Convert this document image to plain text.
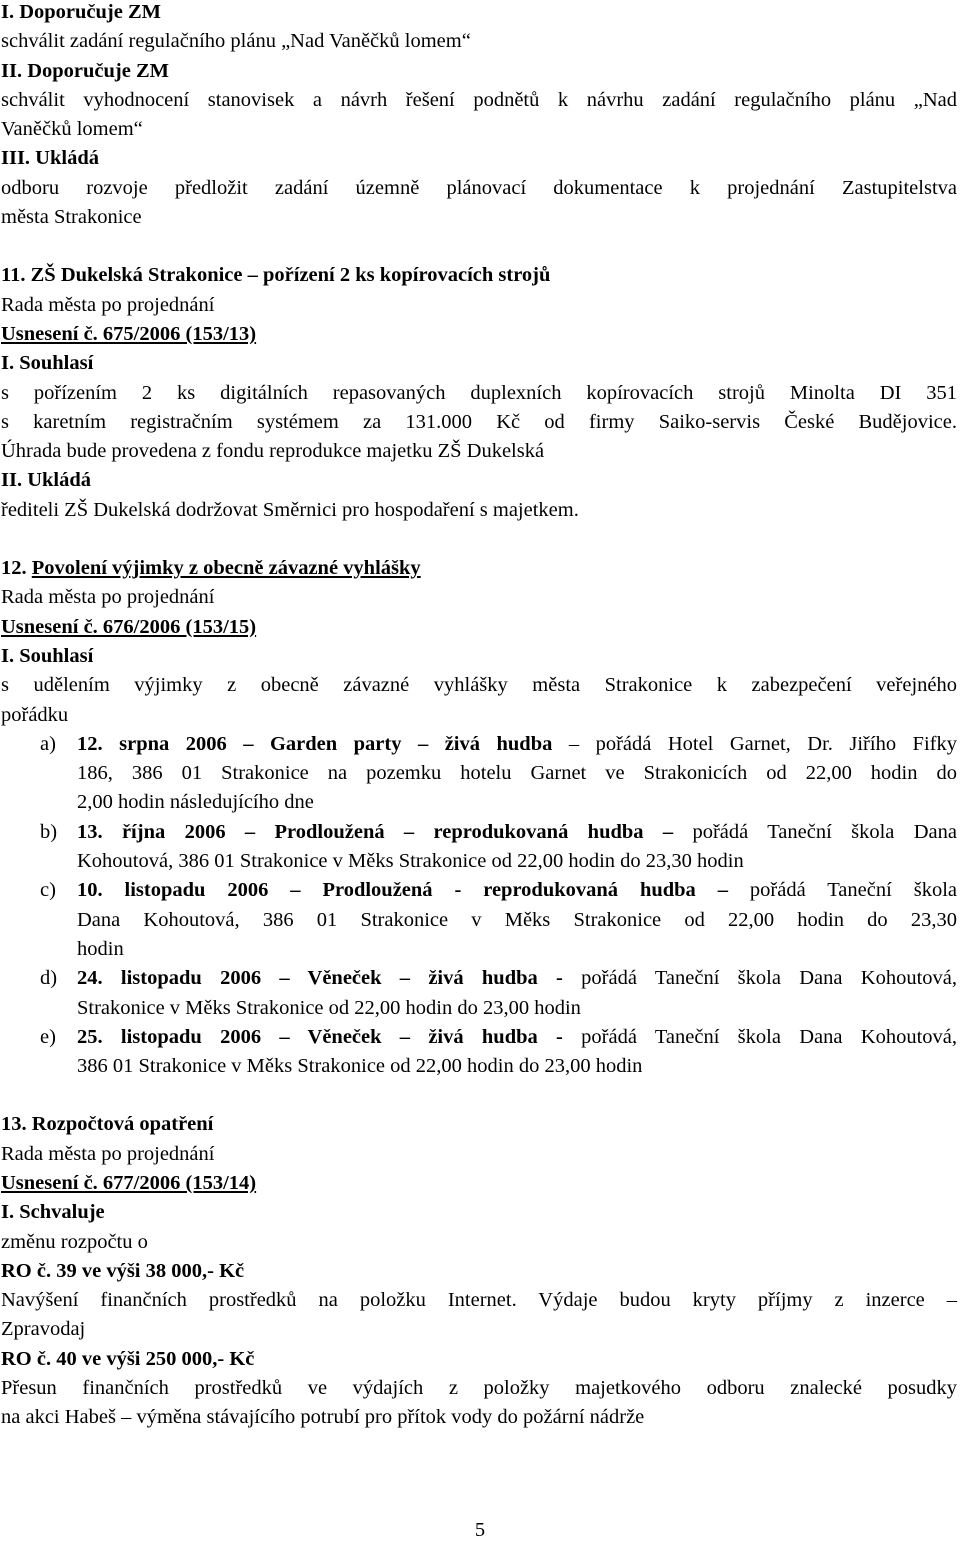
I. Doporučuje ZM
schválit zadání regulačního plánu „Nad Vaněčků lomem“
II. Doporučuje ZM
schválit vyhodnocení stanovisek a návrh řešení podnětů k návrhu zadání regulačního plánu „Nad
Vaněčků lomem“
III. Ukládá
odboru rozvoje předložit zadání územně plánovací dokumentace k projednání Zastupitelstva
města Strakonice
11. ZŠ Dukelská Strakonice – pořízení 2 ks kopírovacích strojů
Rada města po projednání
Usnesení č. 675/2006 (153/13)
I. Souhlasí
s pořízením 2 ks digitálních repasovaných duplexních kopírovacích strojů Minolta DI 351
s karetním registračním systémem za 131.000 Kč od firmy Saiko-servis České Budějovice.
Úhrada bude provedena z fondu reprodukce majetku ZŠ Dukelská
II. Ukládá
řediteli ZŠ Dukelská dodržovat Směrnici pro hospodaření s majetkem.
12. Povolení výjimky z obecně závazné vyhlášky
Rada města po projednání
Usnesení č. 676/2006 (153/15)
I. Souhlasí
s udělením výjimky z obecně závazné vyhlášky města Strakonice k zabezpečení veřejného
pořádku
a) 12. srpna 2006 – Garden party – živá hudba – pořádá Hotel Garnet, Dr. Jiřího Fifky
186, 386 01 Strakonice na pozemku hotelu Garnet ve Strakonicích od 22,00 hodin do
2,00 hodin následujícího dne
b) 13. října 2006 – Prodloužená – reprodukovaná hudba – pořádá Taneční škola Dana
Kohoutová, 386 01 Strakonice v Měks Strakonice od 22,00 hodin do 23,30 hodin
c) 10. listopadu 2006 – Prodloužená - reprodukovaná hudba – pořádá Taneční škola
Dana Kohoutová, 386 01 Strakonice v Měks Strakonice od 22,00 hodin do 23,30
hodin
d) 24. listopadu 2006 – Věneček – živá hudba - pořádá Taneční škola Dana Kohoutová,
Strakonice v Měks Strakonice od 22,00 hodin do 23,00 hodin
e) 25. listopadu 2006 – Věneček – živá hudba - pořádá Taneční škola Dana Kohoutová,
386 01 Strakonice v Měks Strakonice od 22,00 hodin do 23,00 hodin
13. Rozpočtová opatření
Rada města po projednání
Usnesení č. 677/2006 (153/14)
I. Schvaluje
změnu rozpočtu o
RO č. 39 ve výši 38 000,- Kč
Navýšení finančních prostředků na položku Internet. Výdaje budou kryty příjmy z inzerce –
Zpravodaj
RO č. 40 ve výši 250 000,- Kč
Přesun finančních prostředků ve výdajích z položky majetkového odboru znalecké posudky
na akci Habeš – výměna stávajícího potrubí pro přítok vody do požární nádrže
5
